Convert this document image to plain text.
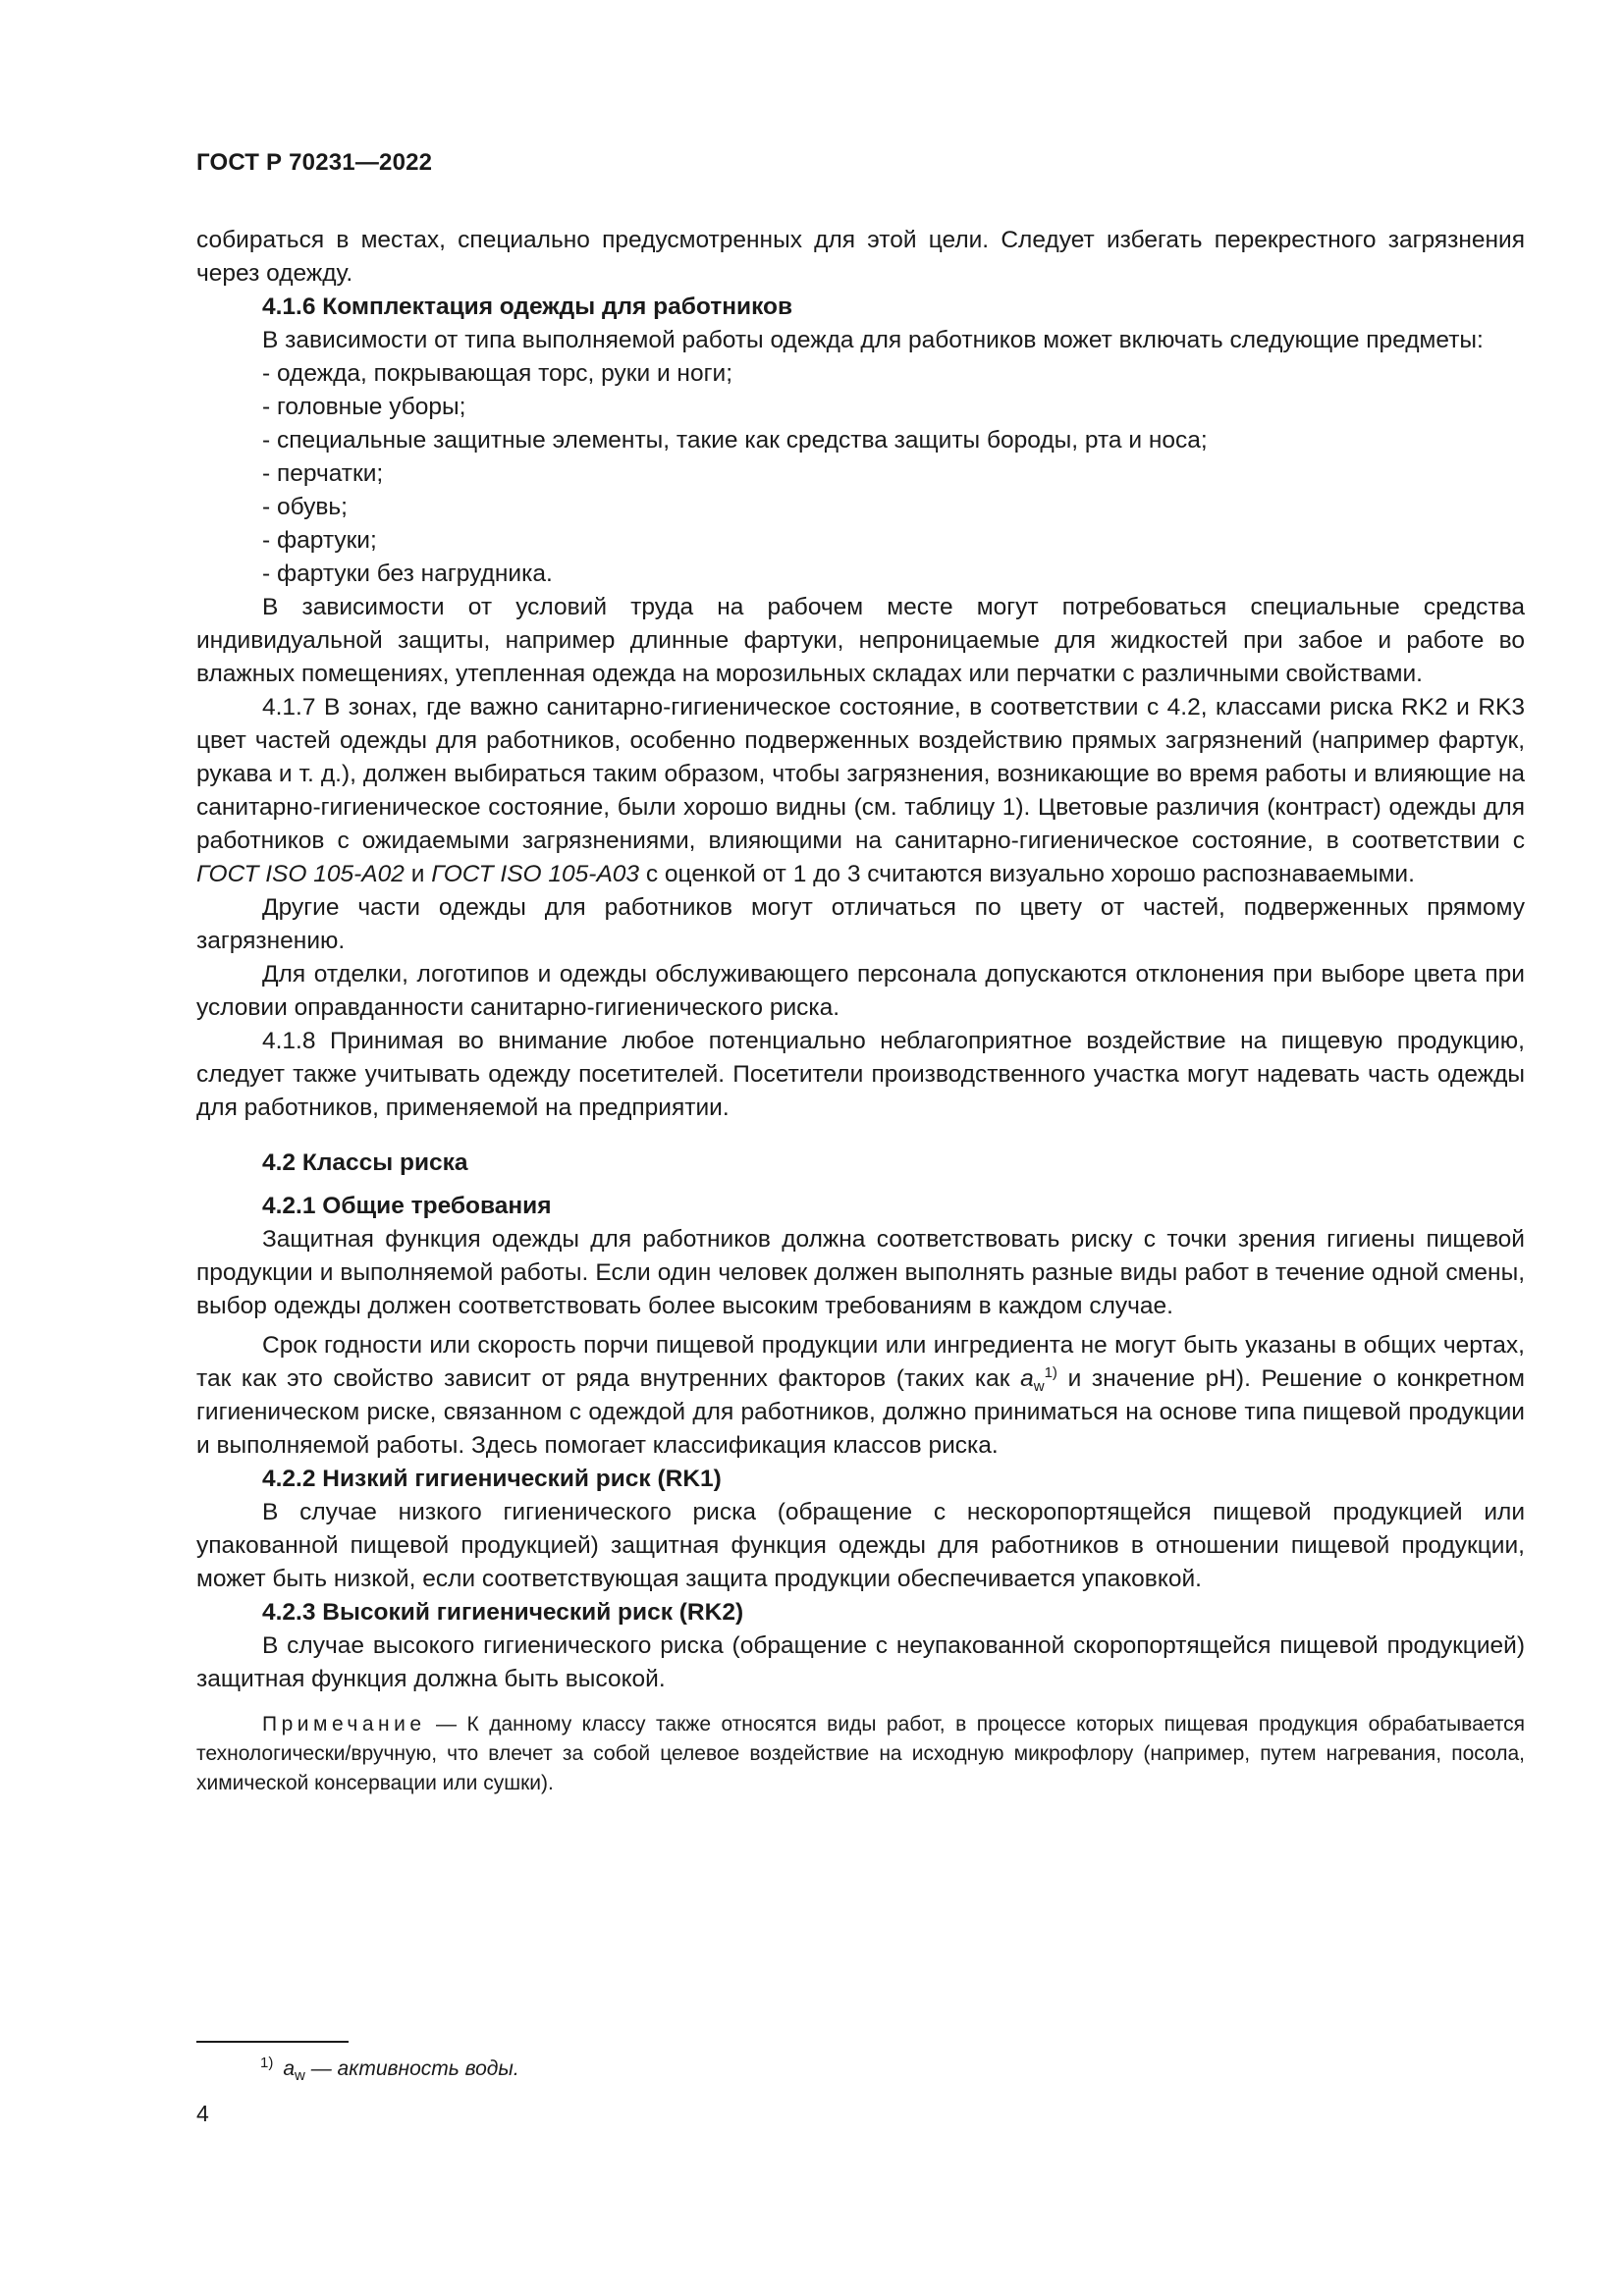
ГОСТ Р 70231—2022

собираться в местах, специально предусмотренных для этой цели. Следует избегать перекрестного загрязнения через одежду.

4.1.6 Комплектация одежды для работников

В зависимости от типа выполняемой работы одежда для работников может включать следующие предметы:

- одежда, покрывающая торс, руки и ноги;
- головные уборы;
- специальные защитные элементы, такие как средства защиты бороды, рта и носа;
- перчатки;
- обувь;
- фартуки;
- фартуки без нагрудника.

В зависимости от условий труда на рабочем месте могут потребоваться специальные средства индивидуальной защиты, например длинные фартуки, непроницаемые для жидкостей при забое и работе во влажных помещениях, утепленная одежда на морозильных складах или перчатки с различными свойствами.

4.1.7 В зонах, где важно санитарно-гигиеническое состояние, в соответствии с 4.2, классами риска RK2 и RK3 цвет частей одежды для работников, особенно подверженных воздействию прямых загрязнений (например фартук, рукава и т. д.), должен выбираться таким образом, чтобы загрязнения, возникающие во время работы и влияющие на санитарно-гигиеническое состояние, были хорошо видны (см. таблицу 1). Цветовые различия (контраст) одежды для работников с ожидаемыми загрязнениями, влияющими на санитарно-гигиеническое состояние, в соответствии с ГОСТ ISO 105-A02 и ГОСТ ISO 105-A03 с оценкой от 1 до 3 считаются визуально хорошо распознаваемыми.

Другие части одежды для работников могут отличаться по цвету от частей, подверженных прямому загрязнению.

Для отделки, логотипов и одежды обслуживающего персонала допускаются отклонения при выборе цвета при условии оправданности санитарно-гигиенического риска.

4.1.8 Принимая во внимание любое потенциально неблагоприятное воздействие на пищевую продукцию, следует также учитывать одежду посетителей. Посетители производственного участка могут надевать часть одежды для работников, применяемой на предприятии.

4.2 Классы риска
4.2.1 Общие требования

Защитная функция одежды для работников должна соответствовать риску с точки зрения гигиены пищевой продукции и выполняемой работы. Если один человек должен выполнять разные виды работ в течение одной смены, выбор одежды должен соответствовать более высоким требованиям в каждом случае.

Срок годности или скорость порчи пищевой продукции или ингредиента не могут быть указаны в общих чертах, так как это свойство зависит от ряда внутренних факторов (таких как $a_w^{1)}$ и значение pH). Решение о конкретном гигиеническом риске, связанном с одеждой для работников, должно приниматься на основе типа пищевой продукции и выполняемой работы. Здесь помогает классификация классов риска.

4.2.2 Низкий гигиенический риск (RK1)

В случае низкого гигиенического риска (обращение с нескоропортящейся пищевой продукцией или упакованной пищевой продукцией) защитная функция одежды для работников в отношении пищевой продукции, может быть низкой, если соответствующая защита продукции обеспечивается упаковкой.

4.2.3 Высокий гигиенический риск (RK2)

В случае высокого гигиенического риска (обращение с неупакованной скоропортящейся пищевой продукцией) защитная функция должна быть высокой.

Примечание — К данному классу также относятся виды работ, в процессе которых пищевая продукция обрабатывается технологически/вручную, что влечет за собой целевое воздействие на исходную микрофлору (например, путем нагревания, посола, химической консервации или сушки).

$^{1)}$ $a_w$ — активность воды.
4
